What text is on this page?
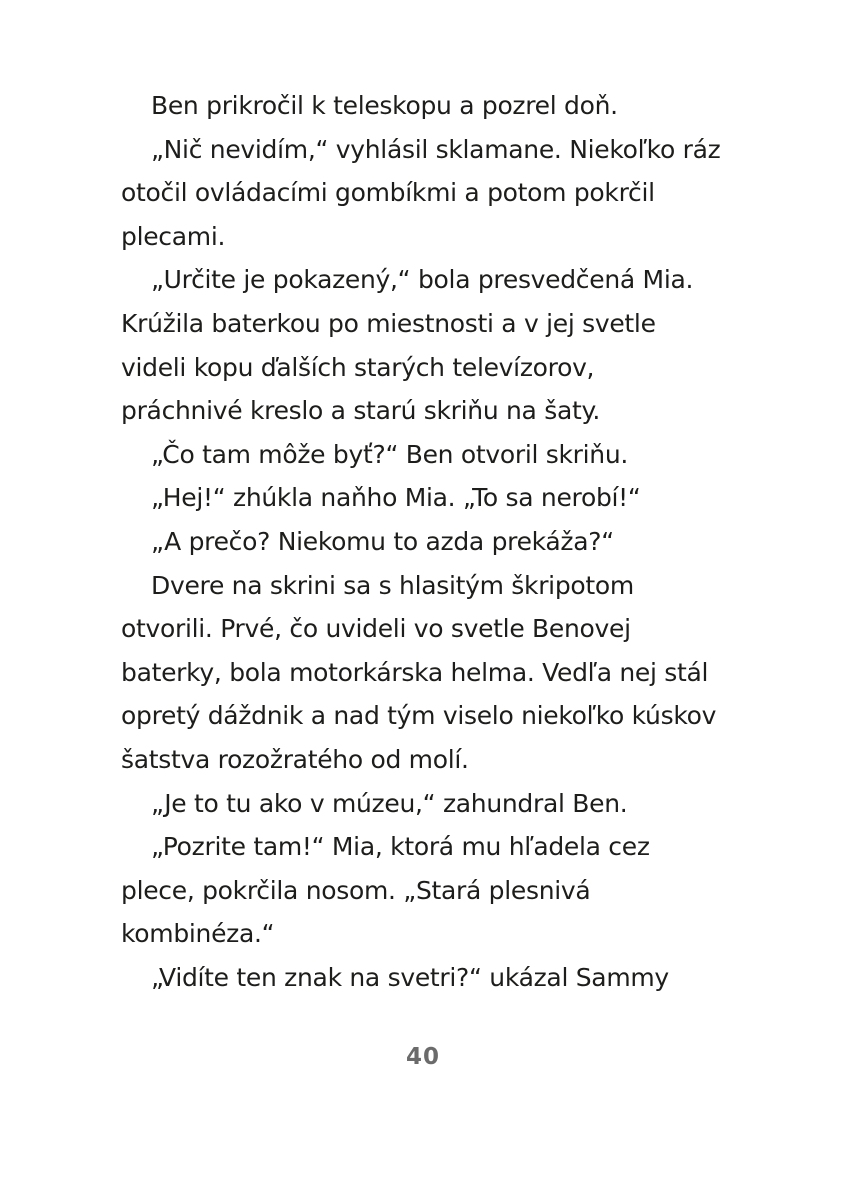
Ben prikročil k teleskopu a pozrel doň.
„Nič nevidím,“ vyhlásil sklamane. Niekoľko ráz
otočil ovládacími gombíkmi a potom pokrčil
plecami.
„Určite je pokazený,“ bola presvedčená Mia.
Krúžila baterkou po miestnosti a v jej svetle
videli kopu ďalších starých televízorov,
práchnivé kreslo a starú skriňu na šaty.
„Čo tam môže byť?“ Ben otvoril skriňu.
„Hej!“ zhúkla naňho Mia. „To sa nerobí!“
„A prečo? Niekomu to azda prekáža?“
Dvere na skrini sa s hlasitým škripotom
otvorili. Prvé, čo uvideli vo svetle Benovej
baterky, bola motorkárska helma. Vedľa nej stál
opretý dáždnik a nad tým viselo niekoľko kúskov
šatstva rozožratého od molí.
„Je to tu ako v múzeu,“ zahundral Ben.
„Pozrite tam!“ Mia, ktorá mu hľadela cez
plece, pokrčila nosom. „Stará plesnivá
kombinéza.“
„Vidíte ten znak na svetri?“ ukázal Sammy
40
